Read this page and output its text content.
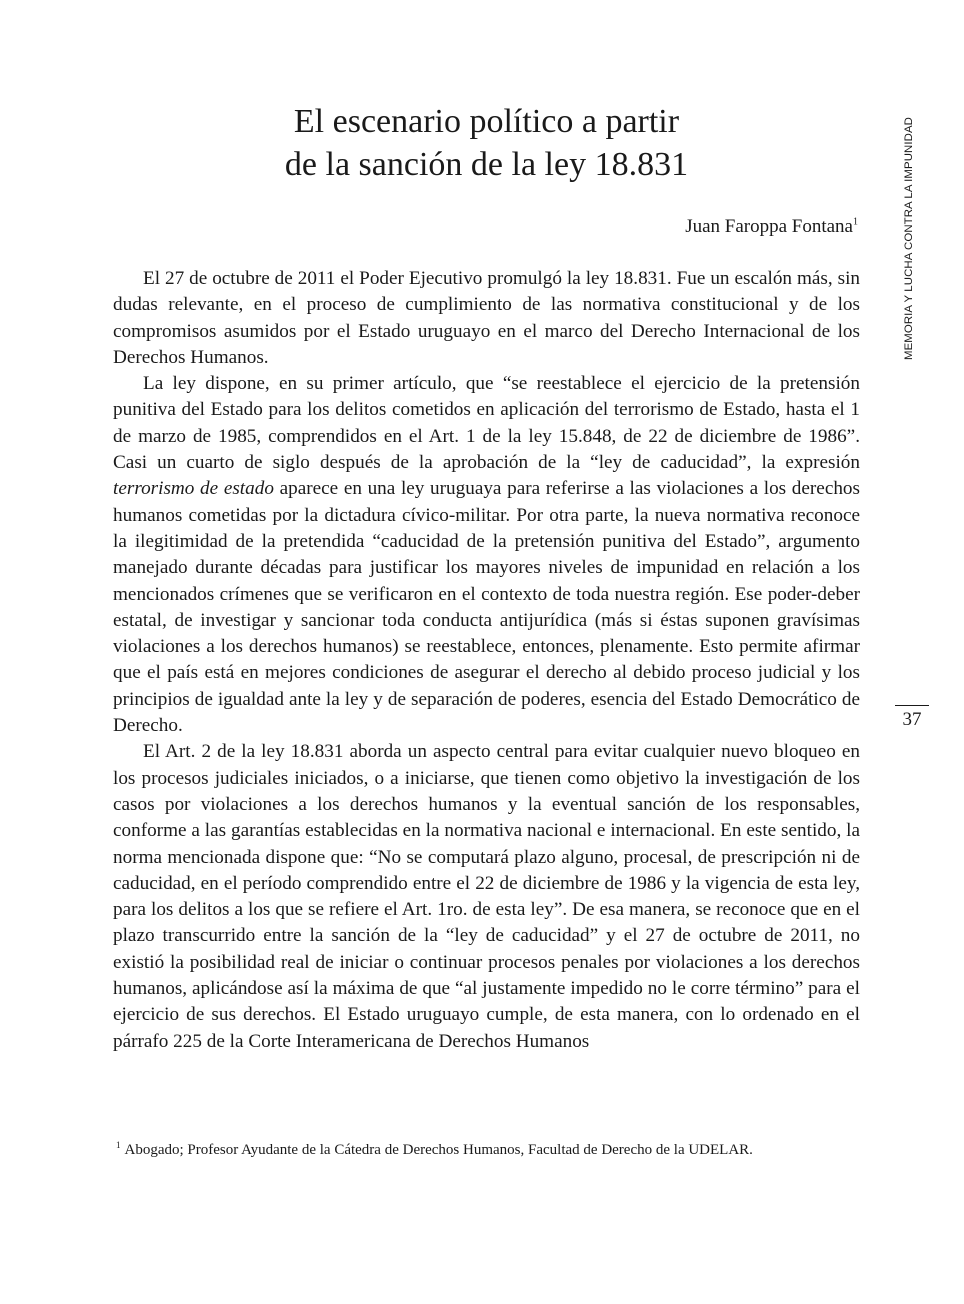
El escenario político a partir
de la sanción de la ley 18.831
Juan Faroppa Fontana$^1$

El 27 de octubre de 2011 el Poder Ejecutivo promulgó la ley 18.831. Fue un escalón más, sin dudas relevante, en el proceso de cumplimiento de las normativa constitucional y de los compromisos asumidos por el Estado uruguayo en el marco del Derecho Internacional de los Derechos Humanos.

La ley dispone, en su primer artículo, que “se reestablece el ejercicio de la pretensión punitiva del Estado para los delitos cometidos en aplicación del terrorismo de Estado, hasta el 1 de marzo de 1985, comprendidos en el Art. 1 de la ley 15.848, de 22 de diciembre de 1986”. Casi un cuarto de siglo después de la aprobación de la “ley de caducidad”, la expresión terrorismo de estado aparece en una ley uruguaya para referirse a las violaciones a los derechos humanos cometidas por la dictadura cívico-militar. Por otra parte, la nueva normativa reconoce la ilegitimidad de la pretendida “caducidad de la pretensión punitiva del Estado”, argumento manejado durante décadas para justificar los mayores niveles de impunidad en relación a los mencionados crímenes que se verificaron en el contexto de toda nuestra región. Ese poder-deber estatal, de investigar y sancionar toda conducta antijurídica (más si éstas suponen gravísimas violaciones a los derechos humanos) se reestablece, entonces, plenamente. Esto permite afirmar que el país está en mejores condiciones de asegurar el derecho al debido proceso judicial y los principios de igualdad ante la ley y de separación de poderes, esencia del Estado Democrático de Derecho.

El Art. 2 de la ley 18.831 aborda un aspecto central para evitar cualquier nuevo bloqueo en los procesos judiciales iniciados, o a iniciarse, que tienen como objetivo la investigación de los casos por violaciones a los derechos humanos y la eventual sanción de los responsables, conforme a las garantías establecidas en la normativa nacional e internacional. En este sentido, la norma mencionada dispone que: “No se computará plazo alguno, procesal, de prescripción ni de caducidad, en el período comprendido entre el 22 de diciembre de 1986 y la vigencia de esta ley, para los delitos a los que se refiere el Art. 1ro. de esta ley”. De esa manera, se reconoce que en el plazo transcurrido entre la sanción de la “ley de caducidad” y el 27 de octubre de 2011, no existió la posibilidad real de iniciar o continuar procesos penales por violaciones a los derechos humanos, aplicándose así la máxima de que “al justamente impedido no le corre término” para el ejercicio de sus derechos. El Estado uruguayo cumple, de esta manera, con lo ordenado en el párrafo 225 de la Corte Interamericana de Derechos Humanos

$^1$ Abogado; Profesor Ayudante de la Cátedra de Derechos Humanos, Facultad de Derecho de la UDELAR.
MEMORIA Y LUCHA CONTRA LA IMPUNIDAD
37
